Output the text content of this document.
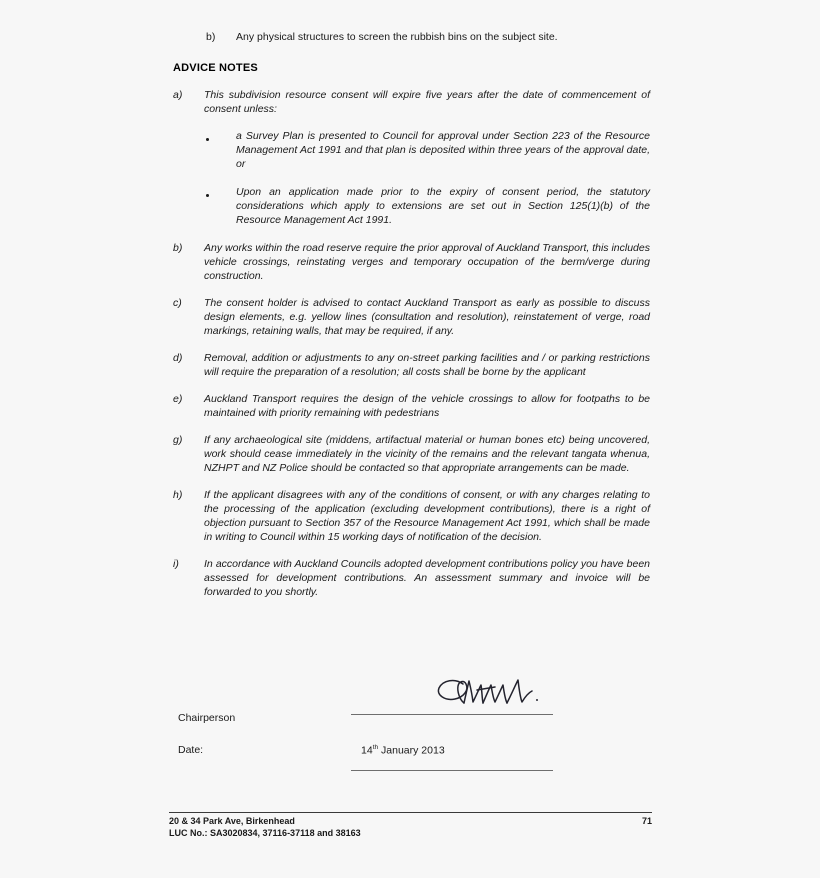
b)	Any physical structures to screen the rubbish bins on the subject site.
ADVICE NOTES
a)	This subdivision resource consent will expire five years after the date of commencement of consent unless:
a Survey Plan is presented to Council for approval under Section 223 of the Resource Management Act 1991 and that plan is deposited within three years of the approval date, or
Upon an application made prior to the expiry of consent period, the statutory considerations which apply to extensions are set out in Section 125(1)(b) of the Resource Management Act 1991.
b)	Any works within the road reserve require the prior approval of Auckland Transport, this includes vehicle crossings, reinstating verges and temporary occupation of the berm/verge during construction.
c)	The consent holder is advised to contact Auckland Transport as early as possible to discuss design elements, e.g. yellow lines (consultation and resolution), reinstatement of verge, road markings, retaining walls, that may be required, if any.
d)	Removal, addition or adjustments to any on-street parking facilities and / or parking restrictions will require the preparation of a resolution; all costs shall be borne by the applicant
e)	Auckland Transport requires the design of the vehicle crossings to allow for footpaths to be maintained with priority remaining with pedestrians
g)	If any archaeological site (middens, artifactual material or human bones etc) being uncovered, work should cease immediately in the vicinity of the remains and the relevant tangata whenua, NZHPT and NZ Police should be contacted so that appropriate arrangements can be made.
h)	If the applicant disagrees with any of the conditions of consent, or with any charges relating to the processing of the application (excluding development contributions), there is a right of objection pursuant to Section 357 of the Resource Management Act 1991, which shall be made in writing to Council within 15 working days of notification of the decision.
i)	In accordance with Auckland Councils adopted development contributions policy you have been assessed for development contributions. An assessment summary and invoice will be forwarded to you shortly.
Chairperson
Date:	14th January 2013
20 & 34 Park Ave, Birkenhead
LUC No.: SA3020834, 37116-37118 and 38163
71
